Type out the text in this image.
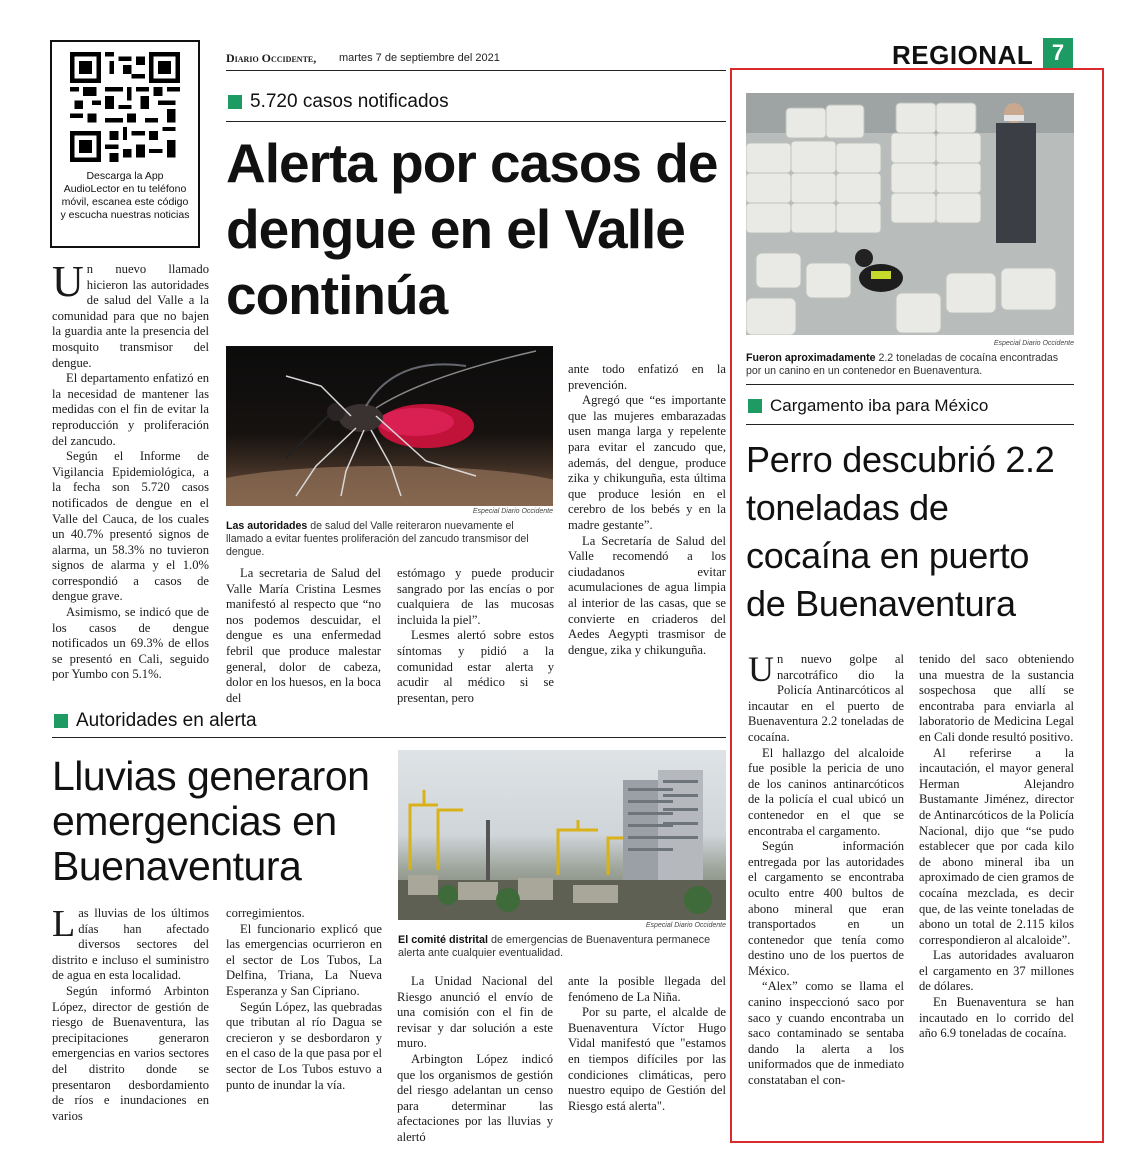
Diario Occidente, martes 7 de septiembre del 2021	REGIONAL 7
Descarga la App AudioLector en tu teléfono móvil, escanea este código y escucha nuestras noticias
5.720 casos notificados
Alerta por casos de dengue en el Valle continúa

Un nuevo llamado hicieron las autoridades de salud del Valle a la comunidad para que no bajen la guardia ante la presencia del mosquito transmisor del dengue.

El departamento enfatizó en la necesidad de mantener las medidas con el fin de evitar la reproducción y proliferación del zancudo.

Según el Informe de Vigilancia Epidemiológica, a la fecha son 5.720 casos notificados de dengue en el Valle del Cauca, de los cuales un 40.7% presentó signos de alarma, un 58.3% no tuvieron signos de alarma y el 1.0% correspondió a casos de dengue grave.

Asimismo, se indicó que de los casos de dengue notificados un 69.3% de ellos se presentó en Cali, seguido por Yumbo con 5.1%.

Especial Diario Occidente
Las autoridades de salud del Valle reiteraron nuevamente el llamado a evitar fuentes proliferación del zancudo transmisor del dengue.

La secretaria de Salud del Valle María Cristina Lesmes manifestó al respecto que “no nos podemos descuidar, el dengue es una enfermedad febril que produce malestar general, dolor de cabeza, dolor en los huesos, en la boca del

estómago y puede producir sangrado por las encías o por cualquiera de las mucosas incluida la piel”.

Lesmes alertó sobre estos síntomas y pidió a la comunidad estar alerta y acudir al médico si se presentan, pero

ante todo enfatizó en la prevención.

Agregó que “es importante que las mujeres embarazadas usen manga larga y repelente para evitar el zancudo que, además, del dengue, produce zika y chikunguña, esta última que produce lesión en el cerebro de los bebés y en la madre gestante”.

La Secretaría de Salud del Valle recomendó a los ciudadanos evitar acumulaciones de agua limpia al interior de las casas, que se convierte en criaderos del Aedes Aegypti trasmisor de dengue, zika y chikunguña.

Autoridades en alerta
Lluvias generaron emergencias en Buenaventura
Especial Diario Occidente
El comité distrital de emergencias de Buenaventura permanece alerta ante cualquier eventualidad.

Las lluvias de los últimos días han afectado diversos sectores del distrito e incluso el suministro de agua en esta localidad.

Según informó Arbinton López, director de gestión de riesgo de Buenaventura, las precipitaciones generaron emergencias en varios sectores del distrito donde se presentaron desbordamiento de ríos e inundaciones en varios

corregimientos.

El funcionario explicó que las emergencias ocurrieron en el sector de Los Tubos, La Delfina, Triana, La Nueva Esperanza y San Cipriano.

Según López, las quebradas que tributan al río Dagua se crecieron y se desbordaron y en el caso de la que pasa por el sector de Los Tubos estuvo a punto de inundar la vía.

La Unidad Nacional del Riesgo anunció el envío de una comisión con el fin de revisar y dar solución a este muro.

Arbington López indicó que los organismos de gestión del riesgo adelantan un censo para determinar las afectaciones por las lluvias y alertó

ante la posible llegada del fenómeno de La Niña.

Por su parte, el alcalde de Buenaventura Víctor Hugo Vidal manifestó que "estamos en tiempos difíciles por las condiciones climáticas, pero nuestro equipo de Gestión del Riesgo está alerta".

Especial Diario Occidente
Fueron aproximadamente 2.2 toneladas de cocaína encontradas por un canino en un contenedor en Buenaventura.
Cargamento iba para México
Perro descubrió 2.2 toneladas de cocaína en puerto de Buenaventura

Un nuevo golpe al narcotráfico dio la Policía Antinarcóticos al incautar en el puerto de Buenaventura 2.2 toneladas de cocaína.

El hallazgo del alcaloide fue posible la pericia de uno de los caninos antinarcóticos de la policía el cual ubicó un contenedor en el que se encontraba el cargamento.

Según información entregada por las autoridades el cargamento se encontraba oculto entre 400 bultos de abono mineral que eran transportados en un contenedor que tenía como destino uno de los puertos de México.

“Alex” como se llama el canino inspeccionó saco por saco y cuando encontraba un saco contaminado se sentaba dando la alerta a los uniformados que de inmediato constataban el con-

tenido del saco obteniendo una muestra de la sustancia sospechosa que allí se encontraba para enviarla al laboratorio de Medicina Legal en Cali donde resultó positivo.

Al referirse a la incautación, el mayor general Herman Alejandro Bustamante Jiménez, director de Antinarcóticos de la Policía Nacional, dijo que “se pudo establecer que por cada kilo de abono mineral iba un aproximado de cien gramos de cocaína mezclada, es decir que, de las veinte toneladas de abono un total de 2.115 kilos correspondieron al alcaloide”.

Las autoridades avaluaron el cargamento en 37 millones de dólares.

En Buenaventura se han incautado en lo corrido del año 6.9 toneladas de cocaína.
